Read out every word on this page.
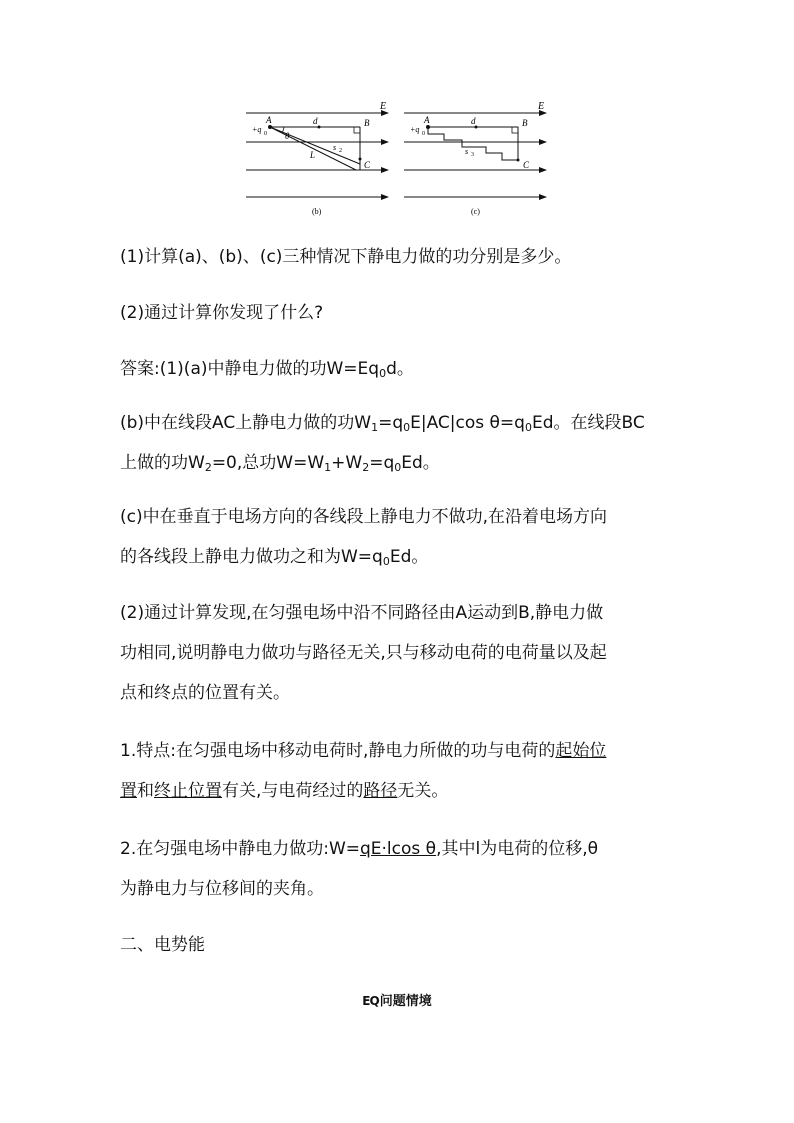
E
A	B
C
+q 0
d
θ
s 2
L
(b)
E
A	B
C
+q 0
d
s 3
(c)
(1)计算(a)、(b)、(c)三种情况下静电力做的功分别是多少。
(2)通过计算你发现了什么?
答案:(1)(a)中静电力做的功$W=Eq_0d$。
(b)中在线段AC上静电力做的功$W_1=q_0E|AC|\cos$ $\theta=q_0Ed$。在线段BC
上做的功$W_2=0$,总功$W=W_1+W_2=q_0Ed$。
(c)中在垂直于电场方向的各线段上静电力不做功,在沿着电场方向
的各线段上静电力做功之和为$W=q_0Ed$。
(2)通过计算发现,在匀强电场中沿不同路径由A运动到B,静电力做
功相同,说明静电力做功与路径无关,只与移动电荷的电荷量以及起
点和终点的位置有关。
1.特点:在匀强电场中移动电荷时,静电力所做的功与电荷的起始位
置和终止位置有关,与电荷经过的路径无关。
2.在匀强电场中静电力做功:W=qE·lcos θ,其中l为电荷的位移,θ
为静电力与位移间的夹角。
二、电势能
EQ问题情境
